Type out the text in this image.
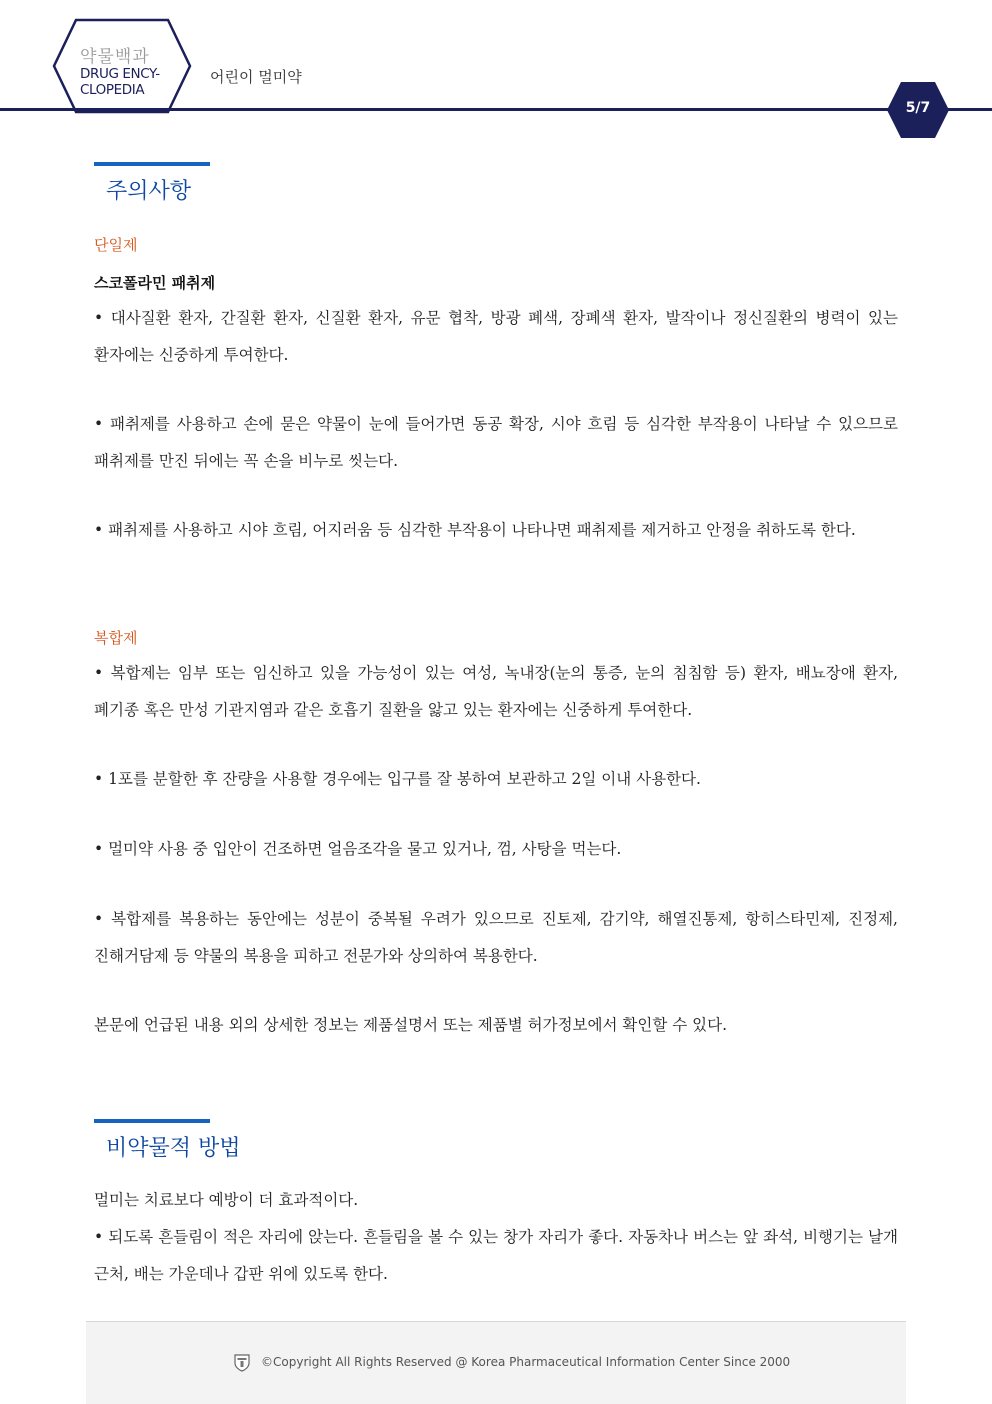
약물백과
DRUG ENCY-
CLOPEDIA
어린이 멀미약
5/7
주의사항
단일제
스코폴라민 패취제
• 대사질환 환자, 간질환 환자, 신질환 환자, 유문 협착, 방광 폐색, 장폐색 환자, 발작이나 정신질환의 병력이 있는 환자에는 신중하게 투여한다.
• 패취제를 사용하고 손에 묻은 약물이 눈에 들어가면 동공 확장, 시야 흐림 등 심각한 부작용이 나타날 수 있으므로 패취제를 만진 뒤에는 꼭 손을 비누로 씻는다.
• 패취제를 사용하고 시야 흐림, 어지러움 등 심각한 부작용이 나타나면 패취제를 제거하고 안정을 취하도록 한다.
복합제
• 복합제는 임부 또는 임신하고 있을 가능성이 있는 여성, 녹내장(눈의 통증, 눈의 침침함 등) 환자, 배뇨장애 환자, 폐기종 혹은 만성 기관지염과 같은 호흡기 질환을 앓고 있는 환자에는 신중하게 투여한다.
• 1포를 분할한 후 잔량을 사용할 경우에는 입구를 잘 봉하여 보관하고 2일 이내 사용한다.
• 멀미약 사용 중 입안이 건조하면 얼음조각을 물고 있거나, 껌, 사탕을 먹는다.
• 복합제를 복용하는 동안에는 성분이 중복될 우려가 있으므로 진토제, 감기약, 해열진통제, 항히스타민제, 진정제, 진해거담제 등 약물의 복용을 피하고 전문가와 상의하여 복용한다.
본문에 언급된 내용 외의 상세한 정보는 제품설명서 또는 제품별 허가정보에서 확인할 수 있다.
비약물적 방법
멀미는 치료보다 예방이 더 효과적이다.
• 되도록 흔들림이 적은 자리에 앉는다. 흔들림을 볼 수 있는 창가 자리가 좋다. 자동차나 버스는 앞 좌석, 비행기는 날개 근처, 배는 가운데나 갑판 위에 있도록 한다.
©Copyright All Rights Reserved @ Korea Pharmaceutical Information Center Since 2000
